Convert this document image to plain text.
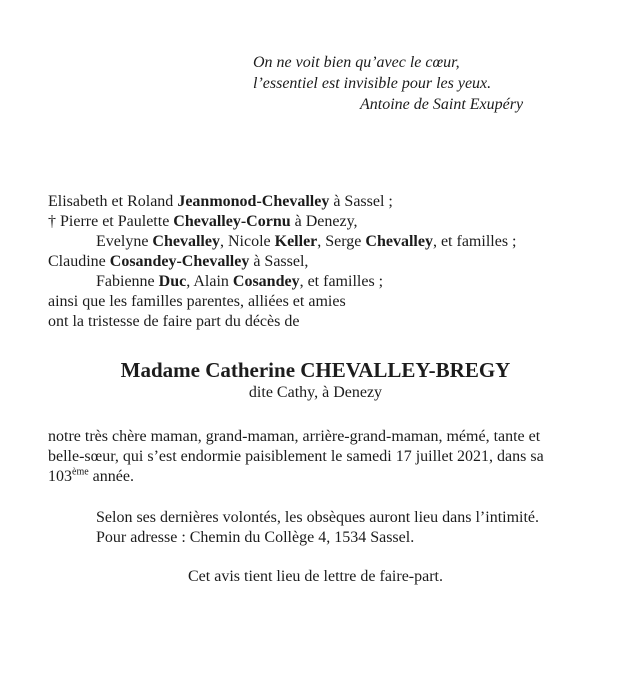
On ne voit bien qu’avec le cœur,
l’essentiel est invisible pour les yeux.
Antoine de Saint Exupéry
Elisabeth et Roland Jeanmonod-Chevalley à Sassel ;
† Pierre et Paulette Chevalley-Cornu à Denezy,
Evelyne Chevalley, Nicole Keller, Serge Chevalley, et familles ;
Claudine Cosandey-Chevalley à Sassel,
Fabienne Duc, Alain Cosandey, et familles ;
ainsi que les familles parentes, alliées et amies
ont la tristesse de faire part du décès de
Madame Catherine CHEVALLEY-BREGY
dite Cathy, à Denezy
notre très chère maman, grand-maman, arrière-grand-maman, mémé, tante et
belle-sœur, qui s’est endormie paisiblement le samedi 17 juillet 2021, dans sa
103ème année.
Selon ses dernières volontés, les obsèques auront lieu dans l’intimité.
Pour adresse : Chemin du Collège 4, 1534 Sassel.
Cet avis tient lieu de lettre de faire-part.
